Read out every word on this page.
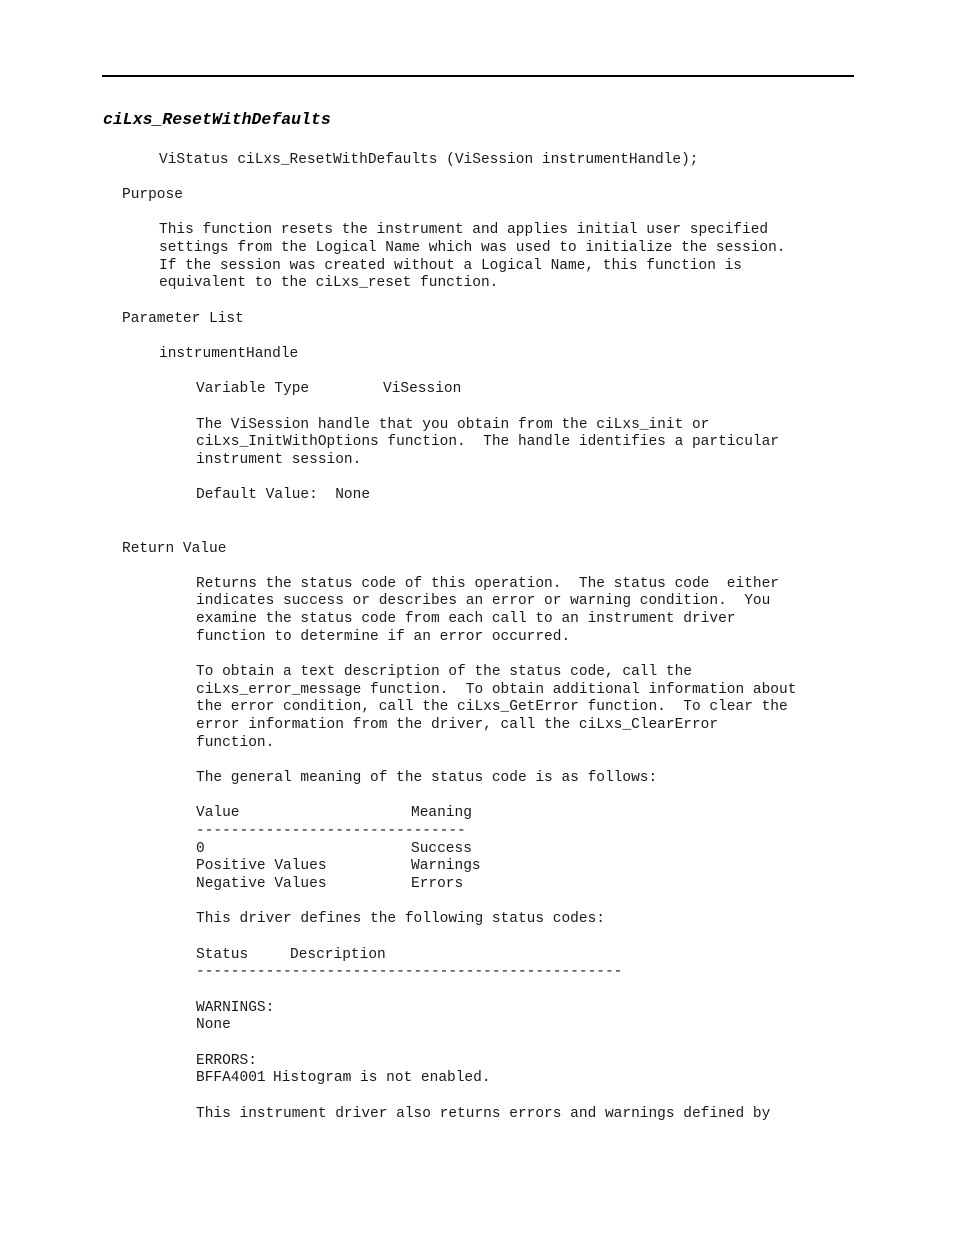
ciLxs_ResetWithDefaults
ViStatus ciLxs_ResetWithDefaults (ViSession instrumentHandle);
Purpose
This function resets the instrument and applies initial user specified
settings from the Logical Name which was used to initialize the session.
If the session was created without a Logical Name, this function is
equivalent to the ciLxs_reset function.
Parameter List
instrumentHandle
Variable Type	ViSession
The ViSession handle that you obtain from the ciLxs_init or
ciLxs_InitWithOptions function.  The handle identifies a particular
instrument session.
Default Value:  None
Return Value
Returns the status code of this operation.  The status code  either
indicates success or describes an error or warning condition.  You
examine the status code from each call to an instrument driver
function to determine if an error occurred.
To obtain a text description of the status code, call the
ciLxs_error_message function.  To obtain additional information about
the error condition, call the ciLxs_GetError function.  To clear the
error information from the driver, call the ciLxs_ClearError
function.
The general meaning of the status code is as follows:
Value	Meaning
-------------------------------
0	Success
Positive Values	Warnings
Negative Values	Errors
This driver defines the following status codes:
Status	Description
-------------------------------------------------
WARNINGS:
None
ERRORS:
BFFA4001 Histogram is not enabled.
This instrument driver also returns errors and warnings defined by
